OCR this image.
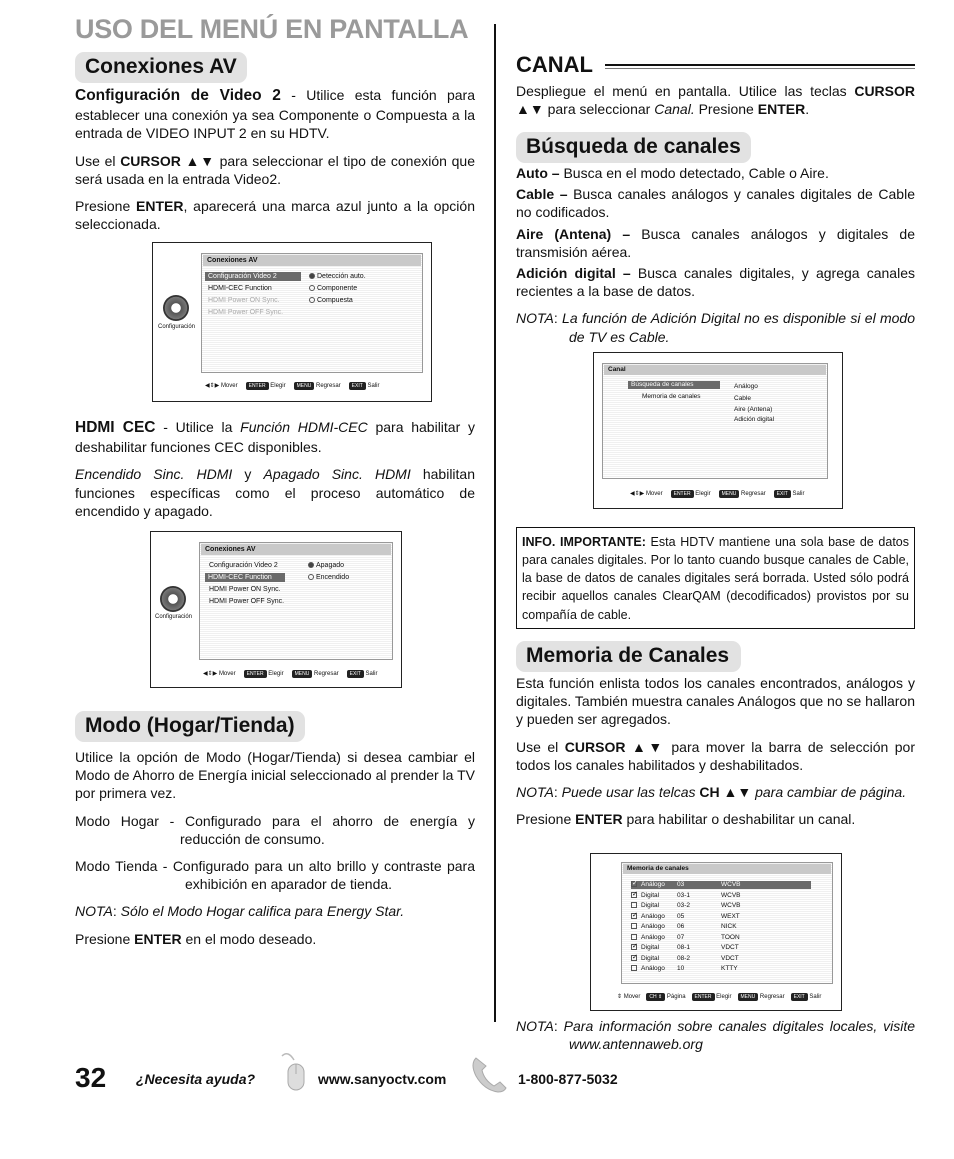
USO DEL MENÚ EN PANTALLA
Conexiones AV

Configuración de Video 2 - Utilice esta función para establecer una conexión ya sea Componente o Compuesta a la entrada de VIDEO INPUT 2 en su HDTV.

Use el CURSOR ▲▼ para seleccionar el tipo de conexión que será usada en la entrada Video2.

Presione ENTER, aparecerá una marca azul junto a la opción seleccionada.

Conexiones AV
Configuración Video 2
HDMI-CEC Function
HDMI Power ON Sync.
HDMI Power OFF Sync.
Detección auto.
Componente
Compuesta
Configuración
◀⇕▶ Mover	ENTER Elegir	MENU Regresar	EXIT Salir

HDMI CEC - Utilice la Función HDMI-CEC para habilitar y deshabilitar funciones CEC disponibles.

Encendido Sinc. HDMI y Apagado Sinc. HDMI habilitan funciones específicas como el proceso automático de encendido y apagado.

Conexiones AV
Configuración Video 2
HDMI-CEC Function
HDMI Power ON Sync.
HDMI Power OFF Sync.
Apagado
Encendido
Configuración
◀⇕▶ Mover	ENTER Elegir	MENU Regresar	EXIT Salir
Modo (Hogar/Tienda)

Utilice la opción de Modo (Hogar/Tienda) si desea cambiar el Modo de Ahorro de Energía inicial seleccionado al prender la TV por primera vez.

Modo Hogar - Configurado para el ahorro de energía y reducción de consumo.

Modo Tienda - Configurado para un alto brillo y contraste para exhibición en aparador de tienda.

NOTA: Sólo el Modo Hogar califica para Energy Star.

Presione ENTER en el modo deseado.

CANAL

Despliegue el menú en pantalla. Utilice las teclas CURSOR ▲▼ para seleccionar Canal. Presione ENTER.

Búsqueda de canales

Auto – Busca en el modo detectado, Cable o Aire.

Cable – Busca canales análogos y canales digitales de Cable no codificados.

Aire (Antena) – Busca canales análogos y digitales de transmisión aérea.

Adición digital – Busca canales digitales, y agrega canales recientes a la base de datos.

NOTA: La función de Adición Digital no es disponible si el modo de TV es Cable.

Canal
Búsqueda de canales
Memoria de canales
Análogo
Cable
Aire (Antena)
Adición digital
◀⇕▶ Mover	ENTER Elegir	MENU Regresar	EXIT Salir
INFO. IMPORTANTE: Esta HDTV mantiene una sola base de datos para canales digitales. Por lo tanto cuando busque canales de Cable, la base de datos de canales digitales será borrada. Usted sólo podrá recibir aquellos canales ClearQAM (decodificados) provistos por su compañía de cable.
Memoria de Canales

Esta función enlista todos los canales encontrados, análogos y digitales. También muestra canales Análogos que no se hallaron y pueden ser agregados.

Use el CURSOR ▲▼ para mover la barra de selección por todos los canales habilitados y deshabilitados.

NOTA: Puede usar las telcas CH ▲▼ para cambiar de página.

Presione ENTER para habilitar o deshabilitar un canal.

Memoria de canales
✓ Análogo	03	WCVB
✓ Digital	03-1	WCVB
Digital	03-2	WCVB
✓ Análogo	05	WEXT
Análogo	06	NICK
Análogo	07	TOON
✓ Digital	08-1	VDCT
✓ Digital	08-2	VDCT
Análogo	10	KTTY
⇕ Mover	CH ⇕ Página	ENTER Elegir	MENU Regresar	EXIT Salir

NOTA: Para información sobre canales digitales locales, visite www.antennaweb.org

32 ¿Necesita ayuda?	www.sanyoctv.com	1-800-877-5032
